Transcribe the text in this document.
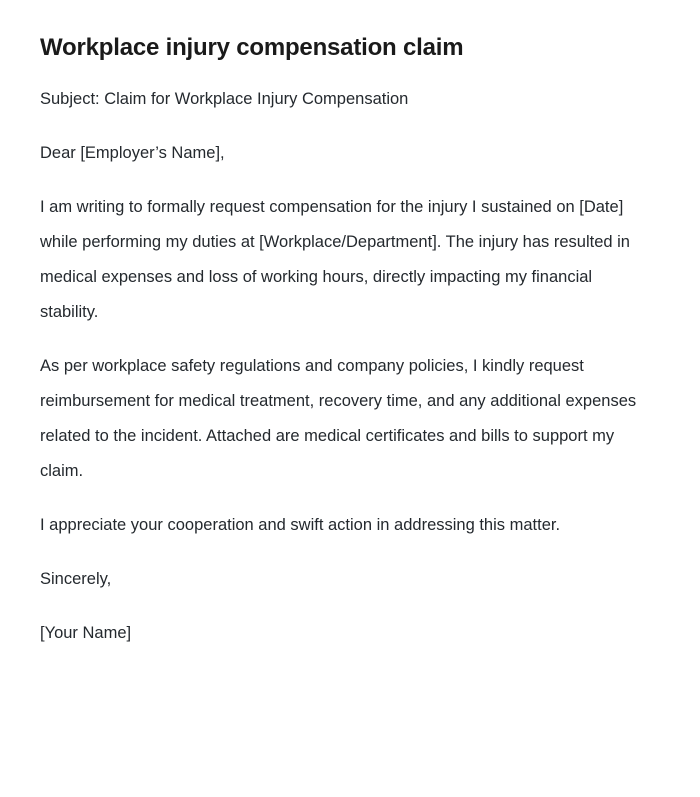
Workplace injury compensation claim

Subject: Claim for Workplace Injury Compensation

Dear [Employer’s Name],

I am writing to formally request compensation for the injury I sustained on [Date] while performing my duties at [Workplace/Department]. The injury has resulted in medical expenses and loss of working hours, directly impacting my financial stability.

As per workplace safety regulations and company policies, I kindly request reimbursement for medical treatment, recovery time, and any additional expenses related to the incident. Attached are medical certificates and bills to support my claim.

I appreciate your cooperation and swift action in addressing this matter.

Sincerely,

[Your Name]
